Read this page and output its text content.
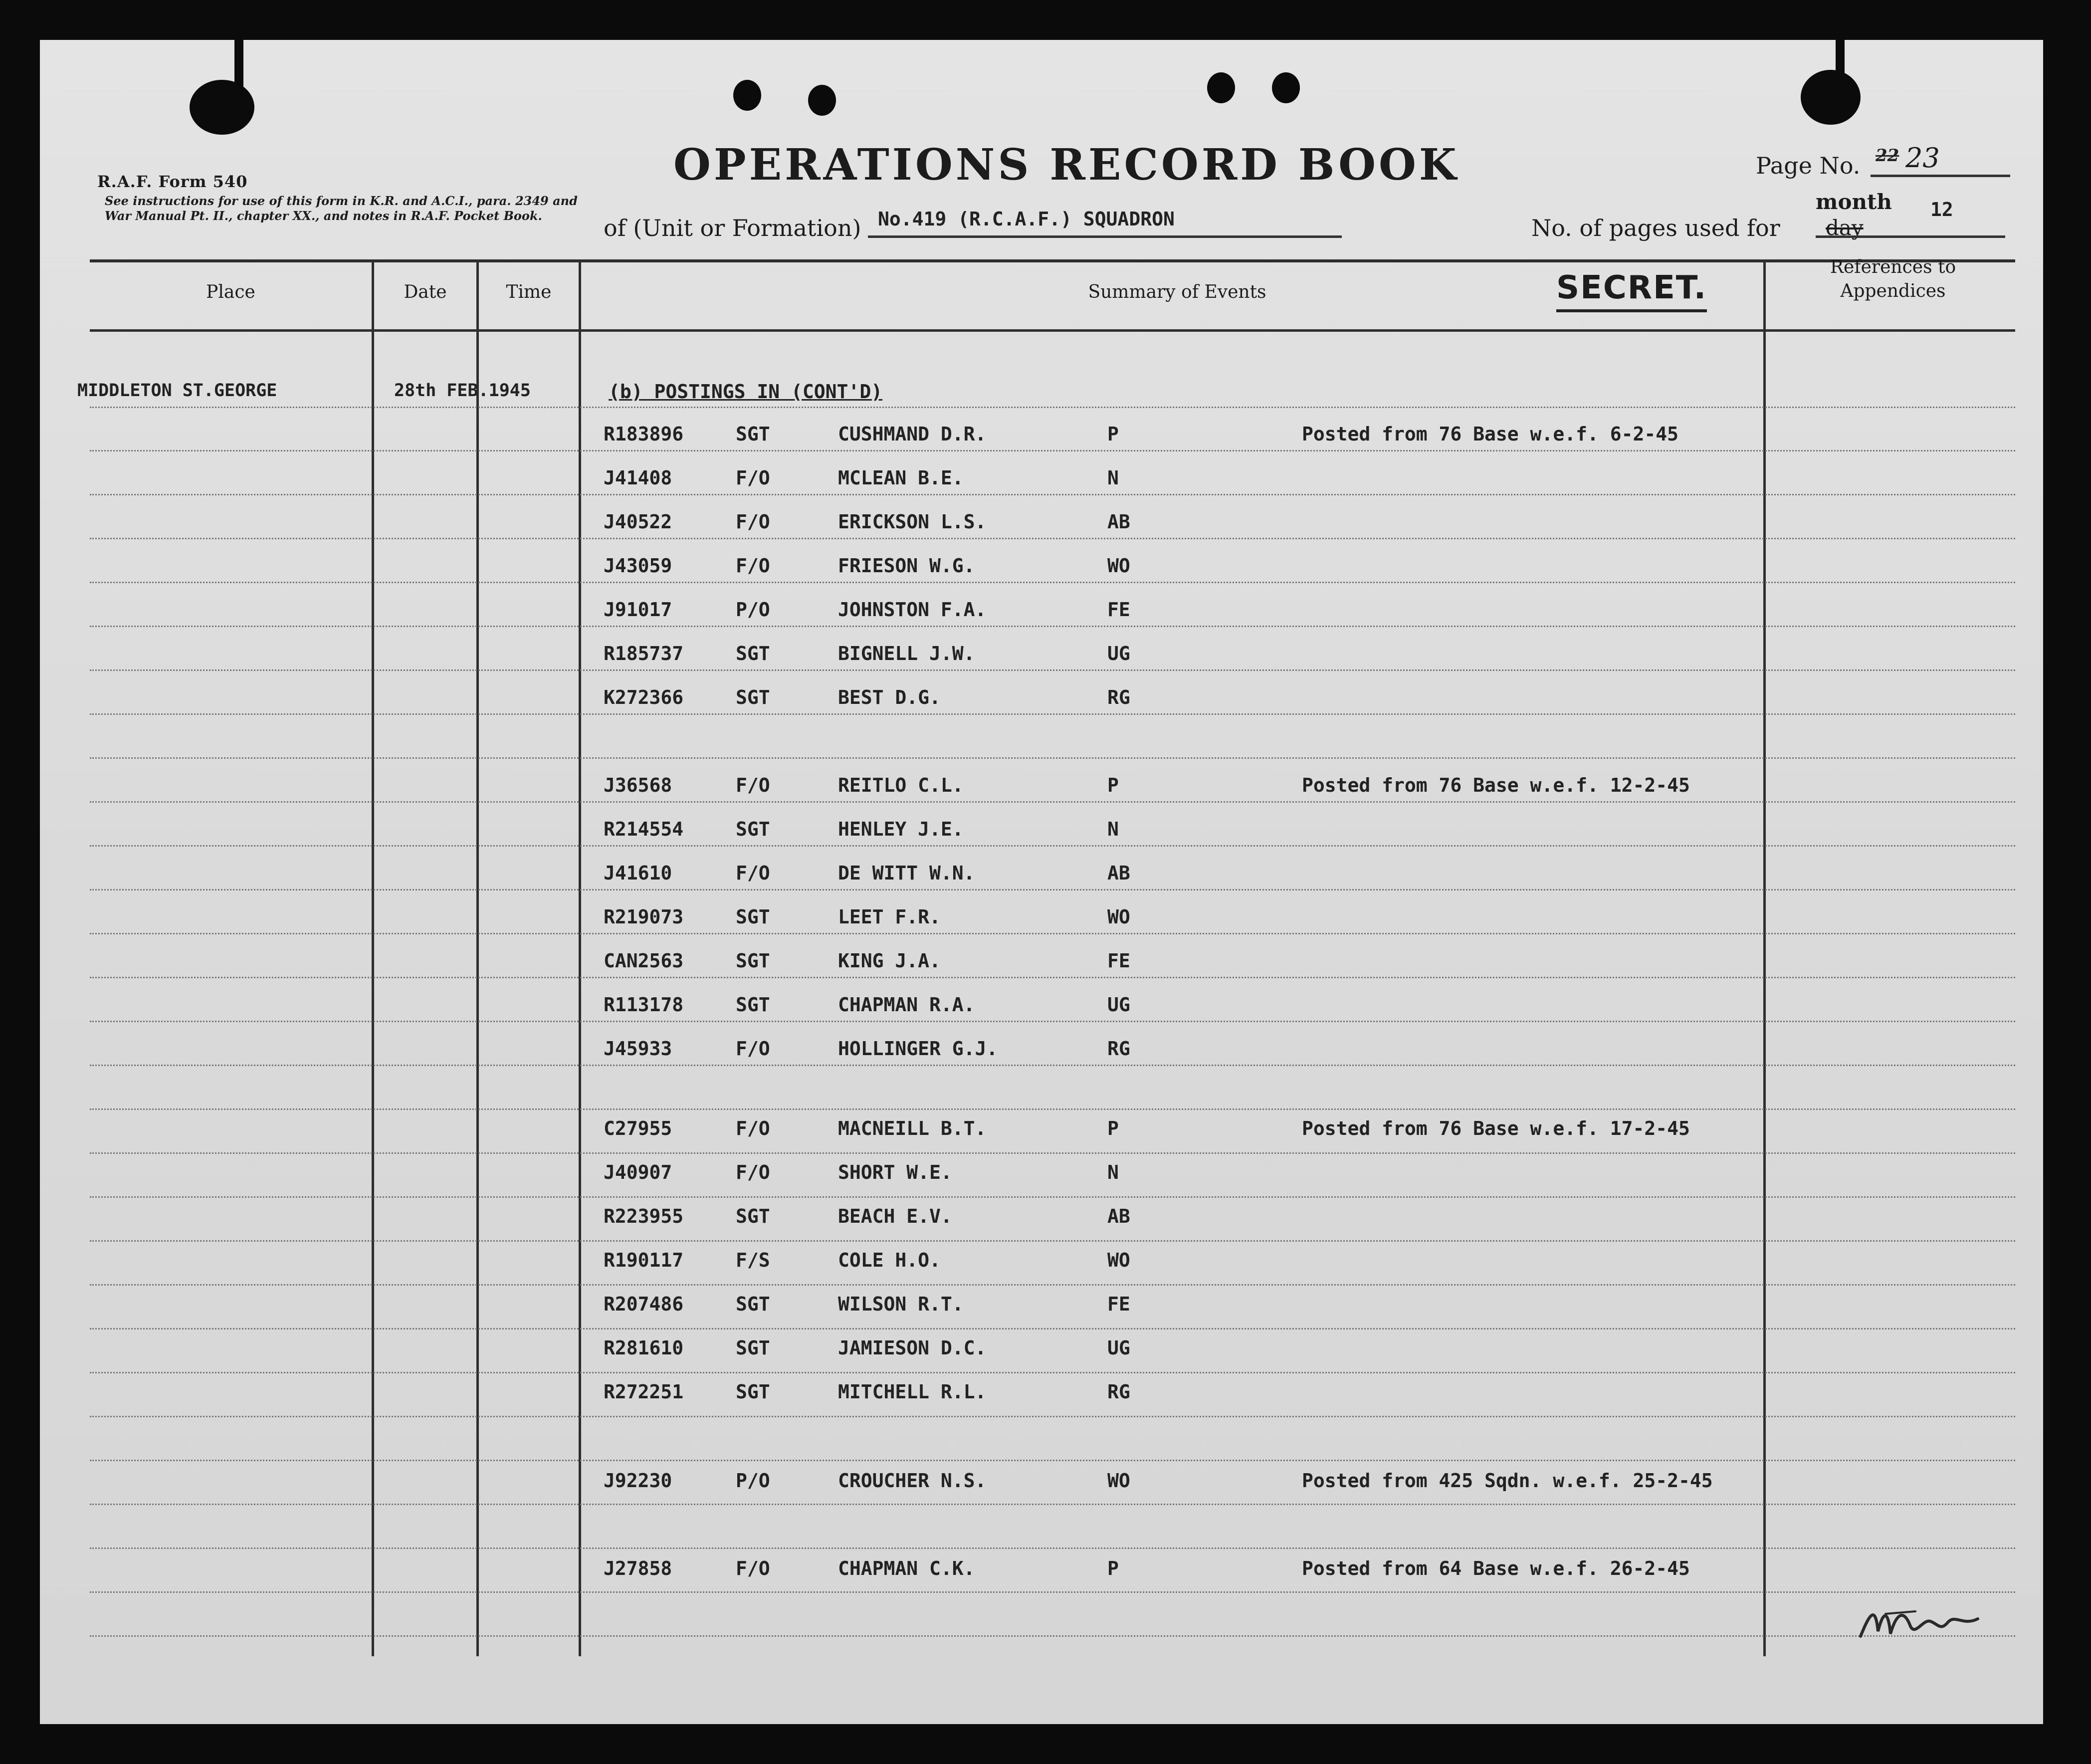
R.A.F. Form 540
See instructions for use of this form in K.R. and A.C.I., para. 2349 and War Manual Pt. II., chapter XX., and notes in R.A.F. Pocket Book.
OPERATIONS RECORD BOOK	Page No. 22 23
of (Unit or Formation) No.419 (R.C.A.F.) SQUADRON	No. of pages used for
month
day
12
Place	Date	Time	Summary of Events	SECRET.
References to Appendices
MIDDLETON ST.GEORGE	28th FEB.1945	(b) POSTINGS IN (CONT'D)
R183896	SGT	CUSHMAND D.R.	P	Posted from 76 Base w.e.f. 6-2-45
J41408	F/O	MCLEAN B.E.	N
J40522	F/O	ERICKSON L.S.	AB
J43059	F/O	FRIESON W.G.	WO
J91017	P/O	JOHNSTON F.A.	FE
R185737	SGT	BIGNELL J.W.	UG
K272366	SGT	BEST D.G.	RG
J36568	F/O	REITLO C.L.	P	Posted from 76 Base w.e.f. 12-2-45
R214554	SGT	HENLEY J.E.	N
J41610	F/O	DE WITT W.N.	AB
R219073	SGT	LEET F.R.	WO
CAN2563	SGT	KING J.A.	FE
R113178	SGT	CHAPMAN R.A.	UG
J45933	F/O	HOLLINGER G.J.	RG
C27955	F/O	MACNEILL B.T.	P	Posted from 76 Base w.e.f. 17-2-45
J40907	F/O	SHORT W.E.	N
R223955	SGT	BEACH E.V.	AB
R190117	F/S	COLE H.O.	WO
R207486	SGT	WILSON R.T.	FE
R281610	SGT	JAMIESON D.C.	UG
R272251	SGT	MITCHELL R.L.	RG
J92230	P/O	CROUCHER N.S.	WO	Posted from 425 Sqdn. w.e.f. 25-2-45
J27858	F/O	CHAPMAN C.K.	P	Posted from 64 Base w.e.f. 26-2-45
